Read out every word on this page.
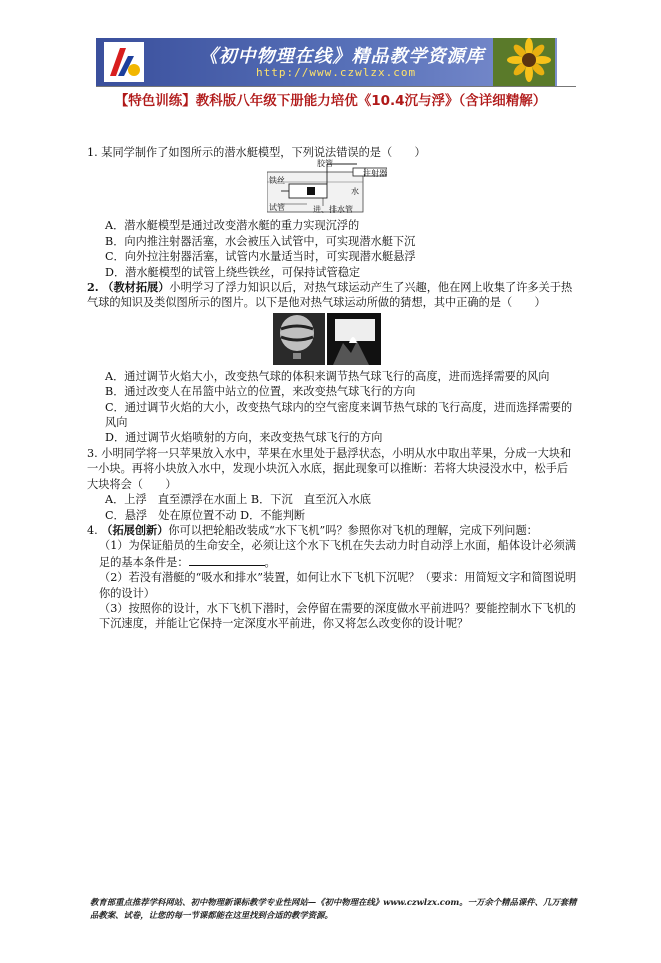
《初中物理在线》精品教学资源库
http://www.czwlzx.com
【特色训练】教科版八年级下册能力培优《10.4沉与浮》（含详细精解）

1. 某同学制作了如图所示的潜水艇模型，下列说法错误的是（　　）

胶管
铁丝
注射器
水
试管	进、排水管

A．潜水艇模型是通过改变潜水艇的重力实现沉浮的

B．向内推注射器活塞，水会被压入试管中，可实现潜水艇下沉

C．向外拉注射器活塞，试管内水量适当时，可实现潜水艇悬浮

D．潜水艇模型的试管上绕些铁丝，可保持试管稳定

2. （教材拓展）小明学习了浮力知识以后，对热气球运动产生了兴趣，他在网上收集了许多关于热气球的知识及类似图所示的图片。以下是他对热气球运动所做的猜想，其中正确的是（　　）

A．通过调节火焰大小，改变热气球的体积来调节热气球飞行的高度，进而选择需要的风向

B．通过改变人在吊篮中站立的位置，来改变热气球飞行的方向

C．通过调节火焰的大小，改变热气球内的空气密度来调节热气球的飞行高度，进而选择需要的风向

D．通过调节火焰喷射的方向，来改变热气球飞行的方向

3. 小明同学将一只苹果放入水中，苹果在水里处于悬浮状态，小明从水中取出苹果，分成一大块和一小块。再将小块放入水中，发现小块沉入水底，据此现象可以推断：若将大块浸没水中，松手后大块将会（　　）

A．上浮　直至漂浮在水面上 B．下沉　直至沉入水底

C．悬浮　处在原位置不动 D．不能判断

4. （拓展创新）你可以把轮船改装成“水下飞机”吗？参照你对飞机的理解，完成下列问题：

（1）为保证船员的生命安全，必须让这个水下飞机在失去动力时自动浮上水面，船体设计必须满足的基本条件是：	。

（2）若没有潜艇的“吸水和排水”装置，如何让水下飞机下沉呢？（要求：用简短文字和简图说明你的设计）

（3）按照你的设计，水下飞机下潜时，会停留在需要的深度做水平前进吗？要能控制水下飞机的下沉速度，并能让它保持一定深度水平前进，你又将怎么改变你的设计呢？

教育部重点推荐学科网站、初中物理新课标教学专业性网站—《初中物理在线》www.czwlzx.com。一万余个精品课件、几万套精品教案、试卷，让您的每一节课都能在这里找到合适的教学资源。
